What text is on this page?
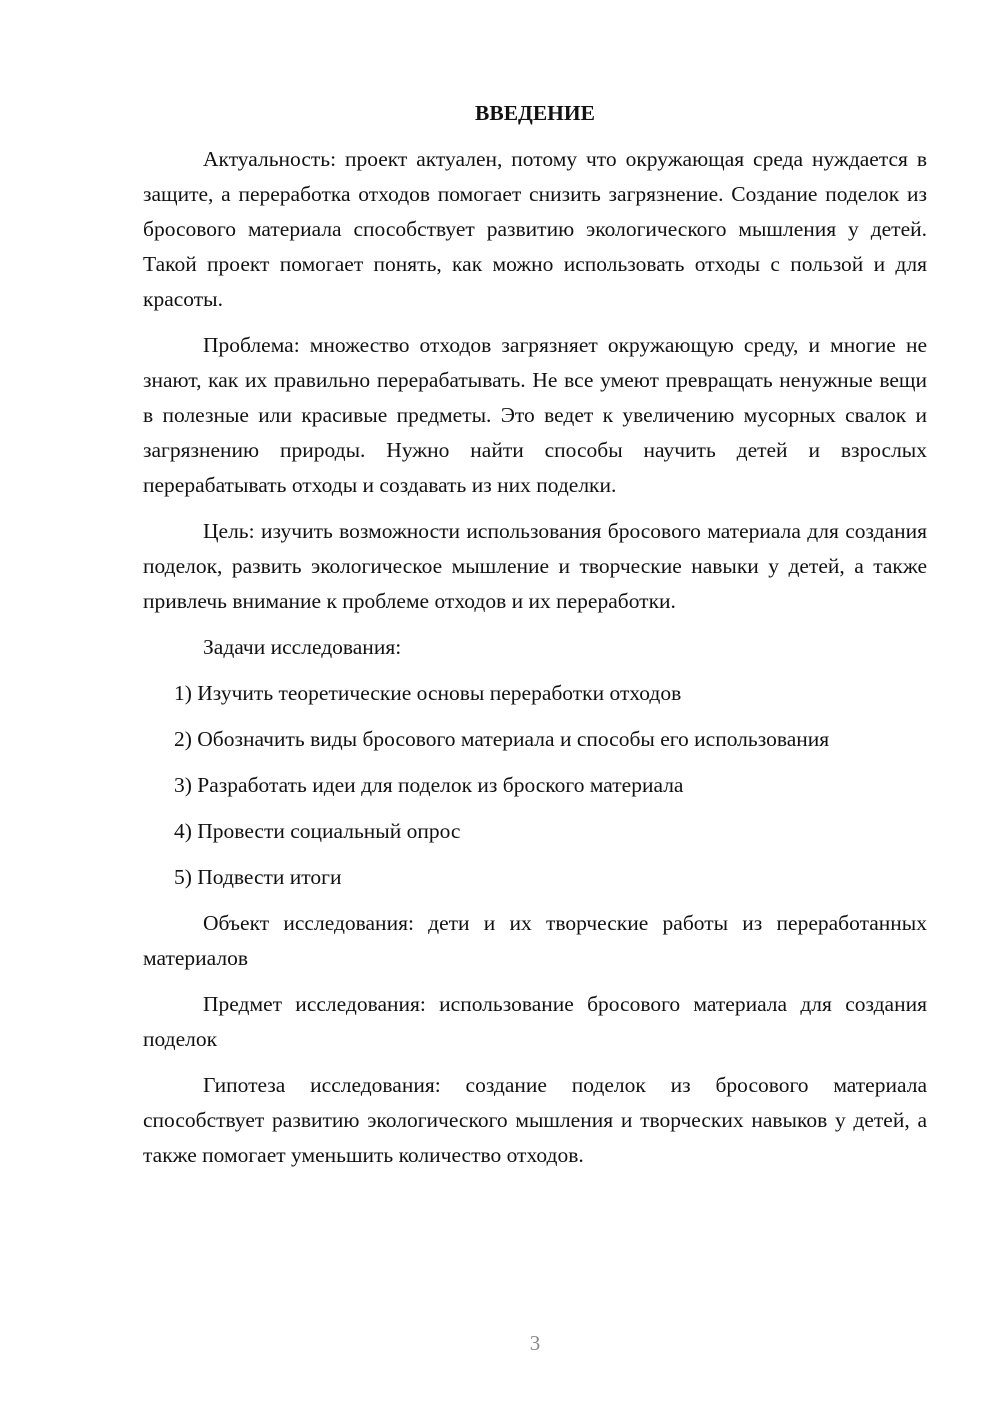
ВВЕДЕНИЕ

Актуальность: проект актуален, потому что окружающая среда нуждается в защите, а переработка отходов помогает снизить загрязнение. Создание поделок из бросового материала способствует развитию экологического мышления у детей. Такой проект помогает понять, как можно использовать отходы с пользой и для красоты.

Проблема: множество отходов загрязняет окружающую среду, и многие не знают, как их правильно перерабатывать. Не все умеют превращать ненужные вещи в полезные или красивые предметы. Это ведет к увеличению мусорных свалок и загрязнению природы. Нужно найти способы научить детей и взрослых перерабатывать отходы и создавать из них поделки.

Цель: изучить возможности использования бросового материала для создания поделок, развить экологическое мышление и творческие навыки у детей, а также привлечь внимание к проблеме отходов и их переработки.

Задачи исследования:

1) Изучить теоретические основы переработки отходов

2) Обозначить виды бросового материала и способы его использования

3) Разработать идеи для поделок из броского материала

4) Провести социальный опрос

5) Подвести итоги

Объект исследования: дети и их творческие работы из переработанных материалов

Предмет исследования: использование бросового материала для создания поделок

Гипотеза исследования: создание поделок из бросового материала способствует развитию экологического мышления и творческих навыков у детей, а также помогает уменьшить количество отходов.

3
